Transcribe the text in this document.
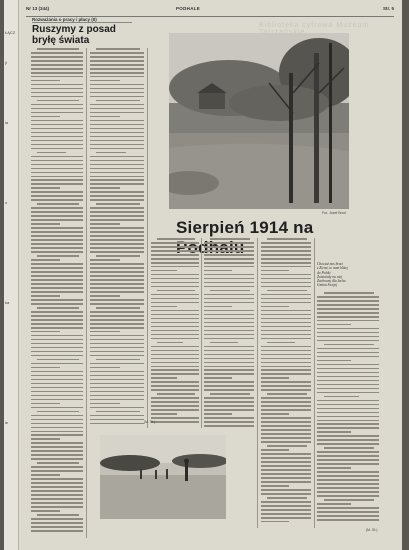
ŁĄCZ
ji
ia
o
ka
ie
Nr 13 (344)	PODHALE	Str. 5
Biblioteka cyfrowa Muzeum
Rozważania o pracy i płacy (II)
Ruszymy z posad bryłę świata
Fot. Józef Brod
Sierpień 1914 na
Chociaż nas braci
z Ziemi, to nam bliżej
do Polski
Zaistniały na niej
Zachowaj dla lacha
Gmina Swojej
(M. St.)
(M. St.)
